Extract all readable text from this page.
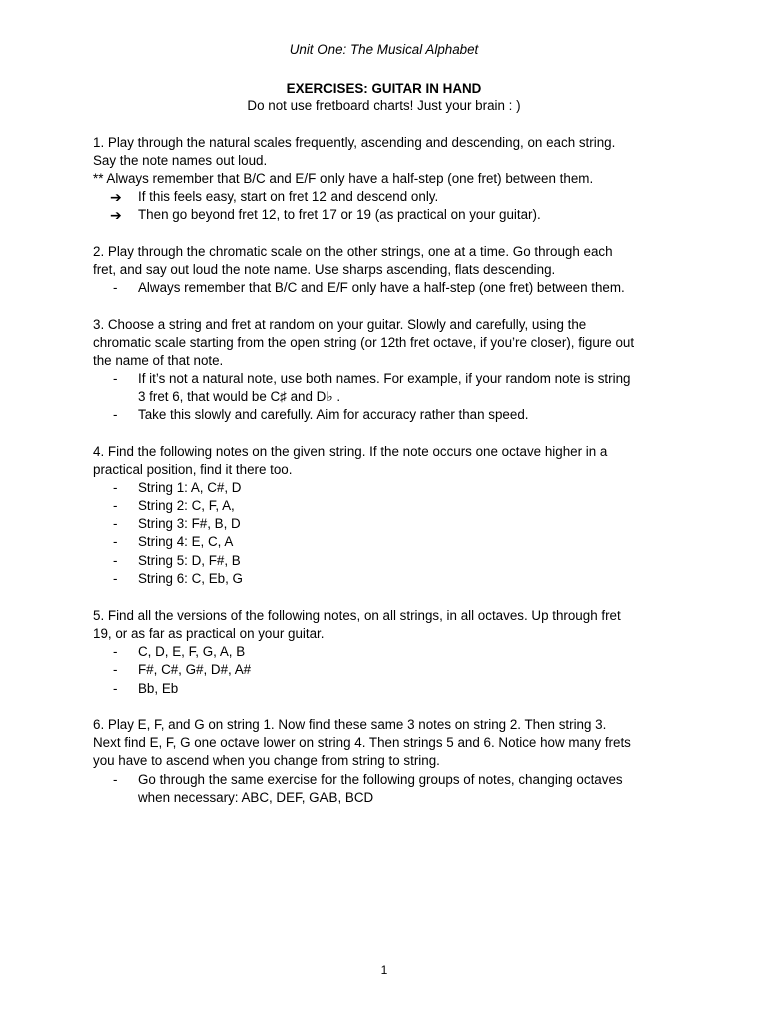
Unit One: The Musical Alphabet
EXERCISES: GUITAR IN HAND
Do not use fretboard charts! Just your brain : )
1. Play through the natural scales frequently, ascending and descending, on each string.
Say the note names out loud.
** Always remember that B/C and E/F only have a half-step (one fret) between them.
➔ If this feels easy, start on fret 12 and descend only.
➔ Then go beyond fret 12, to fret 17 or 19 (as practical on your guitar).
2. Play through the chromatic scale on the other strings, one at a time. Go through each
fret, and say out loud the note name. Use sharps ascending, flats descending.
- Always remember that B/C and E/F only have a half-step (one fret) between them.
3. Choose a string and fret at random on your guitar. Slowly and carefully, using the
chromatic scale starting from the open string (or 12th fret octave, if you’re closer), figure out
the name of that note.
- If it’s not a natural note, use both names. For example, if your random note is string
3 fret 6, that would be C♯ and D♭ .
- Take this slowly and carefully. Aim for accuracy rather than speed.
4. Find the following notes on the given string. If the note occurs one octave higher in a
practical position, find it there too.
- String 1: A, C#, D
- String 2: C, F, A,
- String 3: F#, B, D
- String 4: E, C, A
- String 5: D, F#, B
- String 6: C, Eb, G
5. Find all the versions of the following notes, on all strings, in all octaves. Up through fret
19, or as far as practical on your guitar.
- C, D, E, F, G, A, B
- F#, C#, G#, D#, A#
- Bb, Eb
6. Play E, F, and G on string 1. Now find these same 3 notes on string 2. Then string 3.
Next find E, F, G one octave lower on string 4. Then strings 5 and 6. Notice how many frets
you have to ascend when you change from string to string.
- Go through the same exercise for the following groups of notes, changing octaves
when necessary: ABC, DEF, GAB, BCD
1
